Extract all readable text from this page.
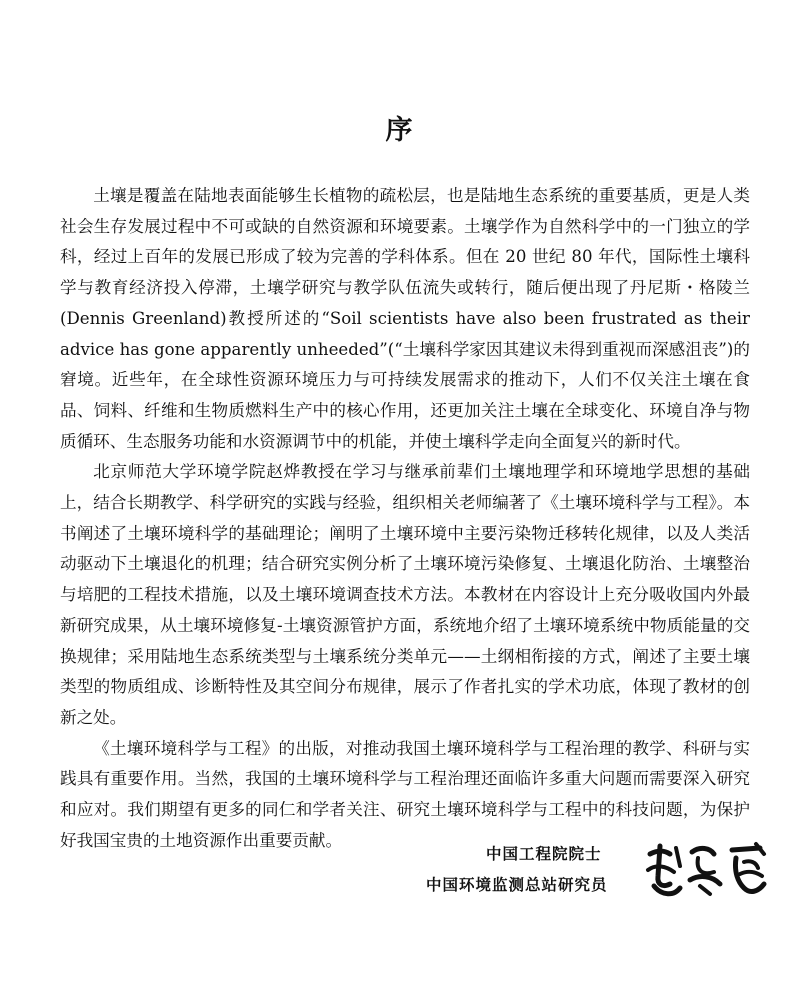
序

土壤是覆盖在陆地表面能够生长植物的疏松层，也是陆地生态系统的重要基质，更是人类社会生存发展过程中不可或缺的自然资源和环境要素。土壤学作为自然科学中的一门独立的学科，经过上百年的发展已形成了较为完善的学科体系。但在 20 世纪 80 年代，国际性土壤科学与教育经济投入停滞，土壤学研究与教学队伍流失或转行，随后便出现了丹尼斯・格陵兰(Dennis Greenland)教授所述的“Soil scientists have also been frustrated as their advice has gone apparently unheeded”(“土壤科学家因其建议未得到重视而深感沮丧”)的窘境。近些年，在全球性资源环境压力与可持续发展需求的推动下，人们不仅关注土壤在食品、饲料、纤维和生物质燃料生产中的核心作用，还更加关注土壤在全球变化、环境自净与物质循环、生态服务功能和水资源调节中的机能，并使土壤科学走向全面复兴的新时代。

北京师范大学环境学院赵烨教授在学习与继承前辈们土壤地理学和环境地学思想的基础上，结合长期教学、科学研究的实践与经验，组织相关老师编著了《土壤环境科学与工程》。本书阐述了土壤环境科学的基础理论；阐明了土壤环境中主要污染物迁移转化规律，以及人类活动驱动下土壤退化的机理；结合研究实例分析了土壤环境污染修复、土壤退化防治、土壤整治与培肥的工程技术措施，以及土壤环境调查技术方法。本教材在内容设计上充分吸收国内外最新研究成果，从土壤环境修复-土壤资源管护方面，系统地介绍了土壤环境系统中物质能量的交换规律；采用陆地生态系统类型与土壤系统分类单元——土纲相衔接的方式，阐述了主要土壤类型的物质组成、诊断特性及其空间分布规律，展示了作者扎实的学术功底，体现了教材的创新之处。

《土壤环境科学与工程》的出版，对推动我国土壤环境科学与工程治理的教学、科研与实践具有重要作用。当然，我国的土壤环境科学与工程治理还面临许多重大问题而需要深入研究和应对。我们期望有更多的同仁和学者关注、研究土壤环境科学与工程中的科技问题，为保护好我国宝贵的土地资源作出重要贡献。

中国工程院院士
中国环境监测总站研究员
